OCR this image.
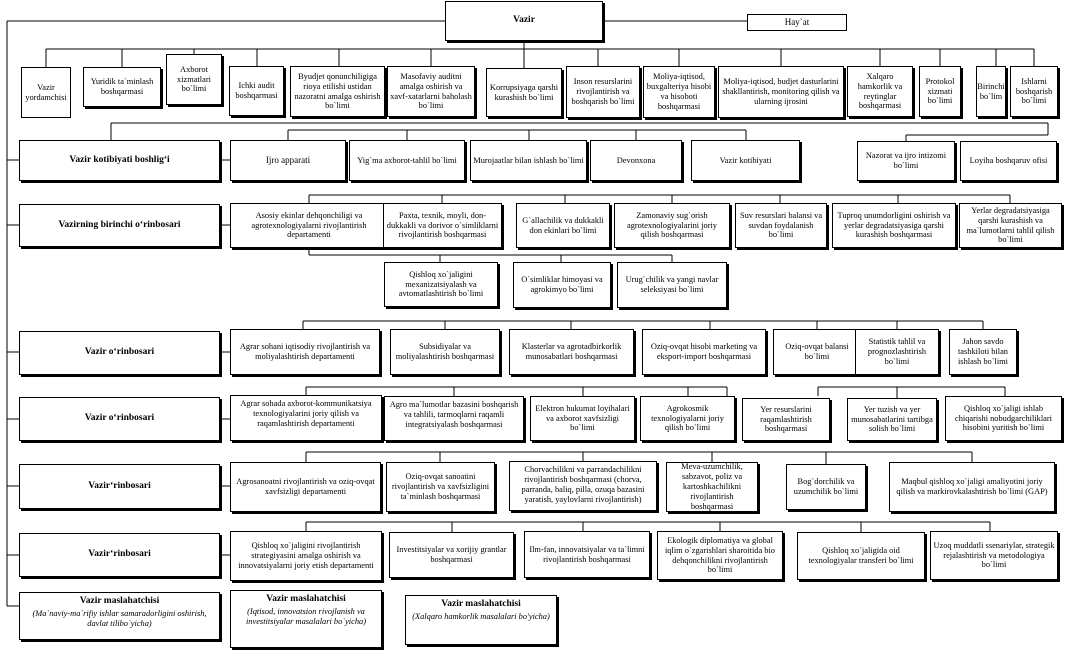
Vazir	Hay`at
Vazir yordamchisi
Yuridik ta`minlash boshqarmasi
Axborot xizmatlari bo`limi	Ichki audit boshqarmasi
Byudjet qonunchiligiga rioya etilishi ustidan nazoratni amalga oshirish bo`limi
Masofaviy auditni amalga oshirish va xavf-xatarlarni baholash bo`limi
Korrupsiyaga qarshi kurashish bo`limi
Inson resurslarini rivojlantirish va boshqarish bo`limi
Moliya-iqtisod, buxgalteriya hisobi va hisoboti boshqarmasi
Moliya-iqtisod, budjet dasturlarini shakllantirish, monitoring qilish va ularning ijrosini
Xalqaro hamkorlik va reytinglar boshqarmasi
Protokol xizmati bo`limi
Birinchi bo`lim
Ishlarni boshqarish bo`limi
Vazir kotibiyati boshlig‘i	Ijro apparati	Yig`ma axborot-tahlil bo`limi	Murojaatlar bilan ishlash bo`limi	Devonxona	Vazir kotibiyati	Nazorat va ijro intizomi bo`limi
Loyiha boshqaruv ofisi
Vazirning birinchi o‘rinbosari
Asosiy ekinlar dehqonchiligi va agrotexnologiyalarni rivojlantirish departamenti
Paxta, texnik, moyli, don-dukkakli va dorivor o`simliklarni rivojlantirish boshqarmasi
G`allachilik va dukkakli don ekinlari bo`limi
Zamonaviy sug`orish agrotexnologiyalarini joriy qilish boshqarmasi
Suv resurslari balansi va suvdan foydalanish bo`limi
Tuproq unumdorligini oshirish va yerlar degradatsiyasiga qarshi kurashish boshqarmasi
Yerlar degradatsiyasiga qarshi kurashish va ma`lumotlarni tahlil qilish bo`limi
Qishloq xo`jaligini mexanizatsiyalash va avtomatlashtirish bo`limi
O`simliklar himoyasi va agrokimyo bo`limi
Urug`chilik va yangi navlar seleksiyasi bo`limi
Vazir o‘rinbosari
Agrar sohani iqtisodiy rivojlantirish va moliyalashtirish departamenti
Subsidiyalar va moliyalashtirish boshqarmasi
Klasterlar va agrotadbirkorlik munosabatlari boshqarmasi
Oziq-ovqat hisobi marketing va eksport-import boshqarmasi
Oziq-ovqat balansi bo`limi
Statistik tahlil va prognozlashtirish bo`limi
Jahon savdo tashkiloti bilan ishlash bo`limi
Vazir o‘rinbosari
Agrar sohada axborot-kommunikatsiya texnologiyalarini joriy qilish va raqamlashtirish departamenti
Agro ma`lumotlar bazasini boshqarish va tahlili, tarmoqlarni raqamli integratsiyalash boshqarmasi
Elektron hukumat loyihalari va axborot xavfsizligi bo`limi
Agrokosmik texnologiyalarni joriy qilish bo`limi
Yer resurslarini raqamlashtirish boshqarmasi
Yer tuzish va yer munosabatlarini tartibga solish bo`limi
Qishloq xo`jaligi ishlab chiqarishi nobudgarchiliklari hisobini yuritish bo`limi
Vazir‘rinbosari	Agrosanoatni rivojlantirish va oziq-ovqat xavfsizligi departamenti
Oziq-ovqat sanoatini rivojlantirish va xavfsizligini ta`minlash boshqarmasi
Chorvachilikni va parrandachilikni rivojlantirish boshqarmasi (chorva, parranda, baliq, pilla, ozuqa bazasini yaratish, yaylovlarni rivojlantirish)
Meva-uzumchilik, sabzavot, poliz va kartoshkachilikni rivojlantirish boshqarmasi
Bog`dorchilik va uzumchilik bo`limi
Maqbul qishloq xo`jaligi amaliyotini joriy qilish va markirovkalashtirish bo`limi (GAP)
Vazir‘rinbosari
Qishloq xo`jaligini rivojlantirish strategiyasini amalga oshirish va innovatsiyalarni joriy etish departamenti
Investitsiyalar va xorijiy grantlar boshqarmasi
Ilm-fan, innovatsiyalar va ta`limni rivojlantirish boshqarmasi
Ekologik diplomatiya va global iqlim o`zgarishlari sharoitida bio dehqonchilikni rivojlantirish bo`limi
Qishloq xo`jaligida oid texnologiyalar transferi bo`limi
Uzoq muddatli ssenariylar, strategik rejalashtirish va metodologiya bo`limi
Vazir maslahatchisi
(Ma`naviy-ma`rifiy ishlar samaradorligini oshirish, davlat tilibo`yicha)
Vazir maslahatchisi
(Iqtisod, innovatsion rivojlanish va investitsiyalar masalalari bo`yicha)
Vazir maslahatchisi
(Xalqaro hamkorlik masalalari bo'yicha)
